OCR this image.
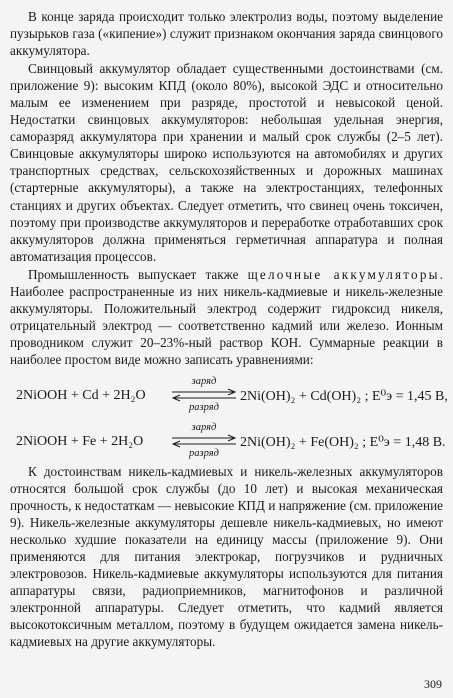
В конце заряда происходит только электролиз воды, поэтому выделение пузырьков газа («кипение») служит признаком окончания заряда свинцового аккумулятора.

Свинцовый аккумулятор обладает существенными достоинствами (см. приложение 9): высоким КПД (около 80%), высокой ЭДС и относительно малым ее изменением при разряде, простотой и невысокой ценой. Недостатки свинцовых аккумуляторов: небольшая удельная энергия, саморазряд аккумулятора при хранении и малый срок службы (2–5 лет). Свинцовые аккумуляторы широко используются на автомобилях и других транспортных средствах, сельскохозяйственных и дорожных машинах (стартерные аккумуляторы), а также на электростанциях, телефонных станциях и других объектах. Следует отметить, что свинец очень токсичен, поэтому при производстве аккумуляторов и переработке отработавших срок аккумуляторов должна применяться герметичная аппаратура и полная автоматизация процессов.

Промышленность выпускает также щелочные аккумуляторы. Наиболее распространенные из них никель-кадмиевые и никель-железные аккумуляторы. Положительный электрод содержит гидроксид никеля, отрицательный электрод — соответственно кадмий или железо. Ионным проводником служит 20–23%-ный раствор КОН. Суммарные реакции в наиболее простом виде можно записать уравнениями:

2NiOOH + Cd + 2H₂O
заряд
разряд
2Ni(OH)₂ + Cd(OH)₂ ; E⁰э = 1,45 В,
2NiOOH + Fe + 2H₂O
заряд
разряд
2Ni(OH)₂ + Fe(OH)₂ ; E⁰э = 1,48 В.

К достоинствам никель-кадмиевых и никель-железных аккумуляторов относятся большой срок службы (до 10 лет) и высокая механическая прочность, к недостаткам — невысокие КПД и напряжение (см. приложение 9). Никель-железные аккумуляторы дешевле никель-кадмиевых, но имеют несколько худшие показатели на единицу массы (приложение 9). Они применяются для питания электрокар, погрузчиков и рудничных электровозов. Никель-кадмиевые аккумуляторы используются для питания аппаратуры связи, радиоприемников, магнитофонов и различной электронной аппаратуры. Следует отметить, что кадмий является высокотоксичным металлом, поэтому в будущем ожидается замена никель-кадмиевых на другие аккумуляторы.

309
